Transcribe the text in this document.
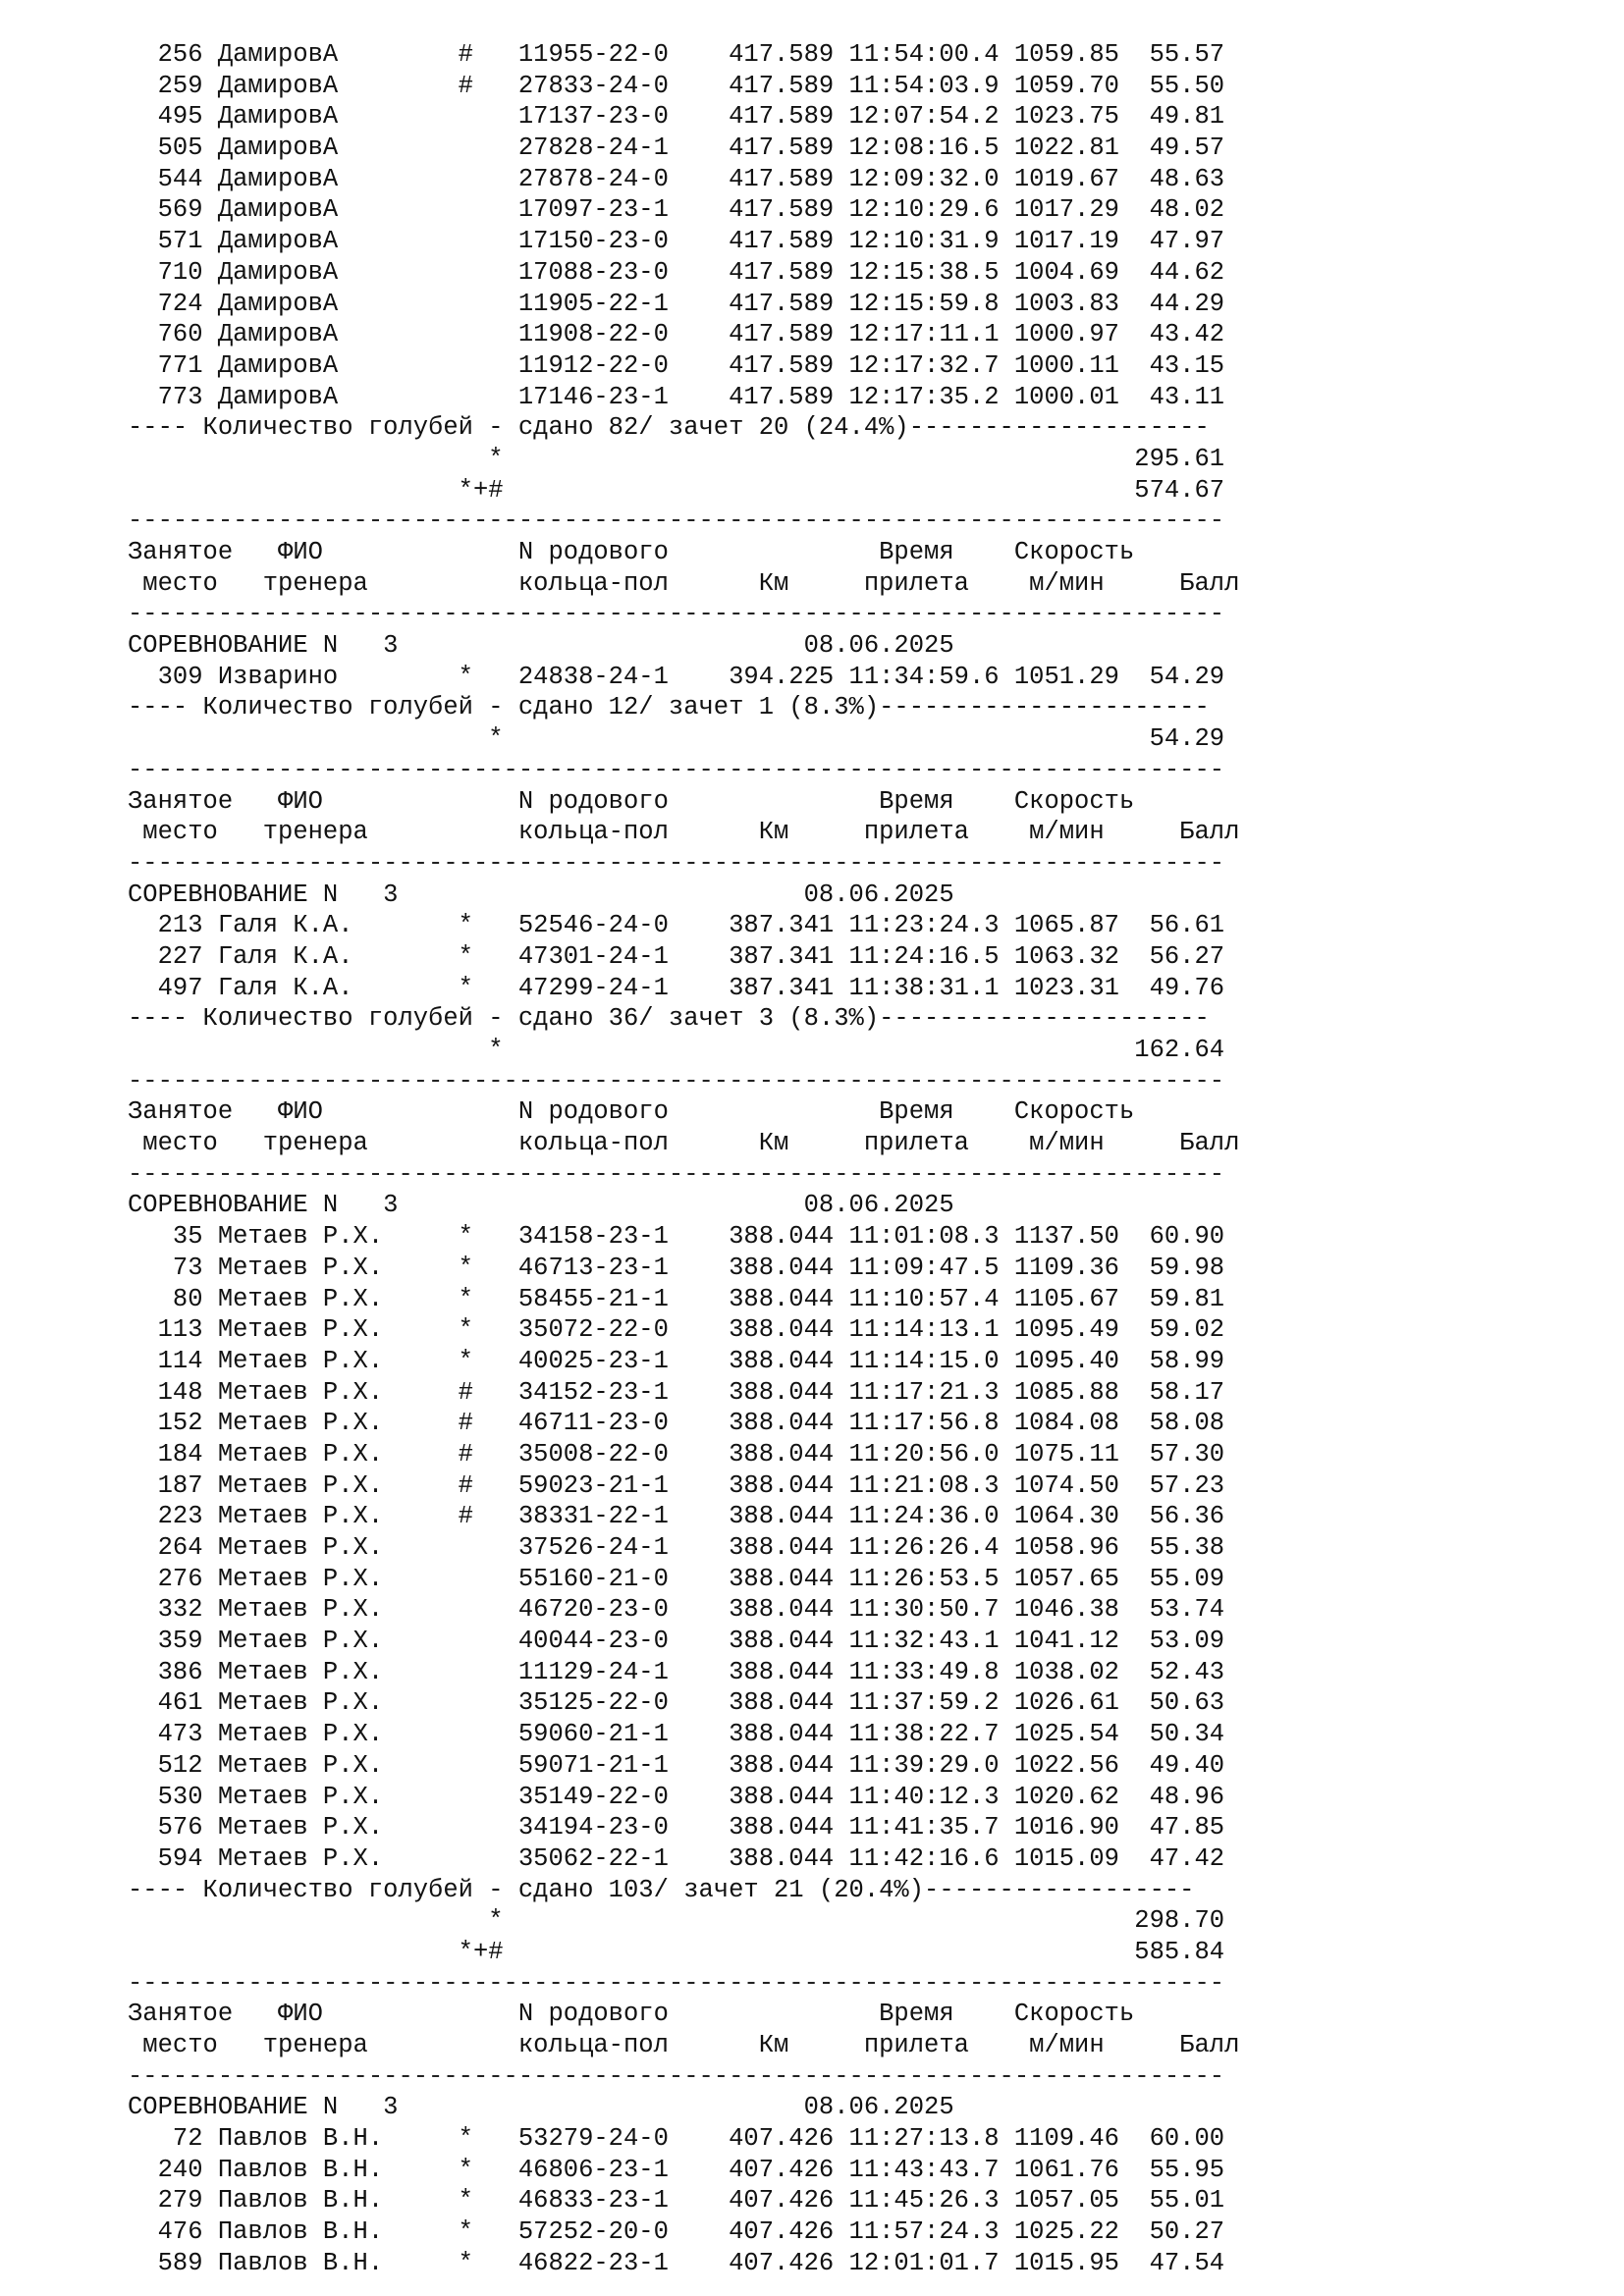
256 ДамировА        #   11955-22-0    417.589 11:54:00.4 1059.85  55.57
259 ДамировА        #   27833-24-0    417.589 11:54:03.9 1059.70  55.50
495 ДамировА            17137-23-0    417.589 12:07:54.2 1023.75  49.81
505 ДамировА            27828-24-1    417.589 12:08:16.5 1022.81  49.57
544 ДамировА            27878-24-0    417.589 12:09:32.0 1019.67  48.63
569 ДамировА            17097-23-1    417.589 12:10:29.6 1017.29  48.02
571 ДамировА            17150-23-0    417.589 12:10:31.9 1017.19  47.97
710 ДамировА            17088-23-0    417.589 12:15:38.5 1004.69  44.62
724 ДамировА            11905-22-1    417.589 12:15:59.8 1003.83  44.29
760 ДамировА            11908-22-0    417.589 12:17:11.1 1000.97  43.42
771 ДамировА            11912-22-0    417.589 12:17:32.7 1000.11  43.15
773 ДамировА            17146-23-1    417.589 12:17:35.2 1000.01  43.11
---- Количество голубей - сдано 82/ зачет 20 (24.4%)--------------------
*                                          295.61
*+#                                          574.67
-------------------------------------------------------------------------
Занятое   ФИО             N родового              Время    Скорость
место   тренера          кольца-пол      Км     прилета    м/мин     Балл
-------------------------------------------------------------------------
СОРЕВНОВАНИЕ N   3                           08.06.2025
309 Изварино        *   24838-24-1    394.225 11:34:59.6 1051.29  54.29
---- Количество голубей - сдано 12/ зачет 1 (8.3%)----------------------
*                                           54.29
-------------------------------------------------------------------------
Занятое   ФИО             N родового              Время    Скорость
место   тренера          кольца-пол      Км     прилета    м/мин     Балл
-------------------------------------------------------------------------
СОРЕВНОВАНИЕ N   3                           08.06.2025
213 Галя К.А.       *   52546-24-0    387.341 11:23:24.3 1065.87  56.61
227 Галя К.А.       *   47301-24-1    387.341 11:24:16.5 1063.32  56.27
497 Галя К.А.       *   47299-24-1    387.341 11:38:31.1 1023.31  49.76
---- Количество голубей - сдано 36/ зачет 3 (8.3%)----------------------
*                                          162.64
-------------------------------------------------------------------------
Занятое   ФИО             N родового              Время    Скорость
место   тренера          кольца-пол      Км     прилета    м/мин     Балл
-------------------------------------------------------------------------
СОРЕВНОВАНИЕ N   3                           08.06.2025
35 Метаев Р.Х.     *   34158-23-1    388.044 11:01:08.3 1137.50  60.90
73 Метаев Р.Х.     *   46713-23-1    388.044 11:09:47.5 1109.36  59.98
80 Метаев Р.Х.     *   58455-21-1    388.044 11:10:57.4 1105.67  59.81
113 Метаев Р.Х.     *   35072-22-0    388.044 11:14:13.1 1095.49  59.02
114 Метаев Р.Х.     *   40025-23-1    388.044 11:14:15.0 1095.40  58.99
148 Метаев Р.Х.     #   34152-23-1    388.044 11:17:21.3 1085.88  58.17
152 Метаев Р.Х.     #   46711-23-0    388.044 11:17:56.8 1084.08  58.08
184 Метаев Р.Х.     #   35008-22-0    388.044 11:20:56.0 1075.11  57.30
187 Метаев Р.Х.     #   59023-21-1    388.044 11:21:08.3 1074.50  57.23
223 Метаев Р.Х.     #   38331-22-1    388.044 11:24:36.0 1064.30  56.36
264 Метаев Р.Х.         37526-24-1    388.044 11:26:26.4 1058.96  55.38
276 Метаев Р.Х.         55160-21-0    388.044 11:26:53.5 1057.65  55.09
332 Метаев Р.Х.         46720-23-0    388.044 11:30:50.7 1046.38  53.74
359 Метаев Р.Х.         40044-23-0    388.044 11:32:43.1 1041.12  53.09
386 Метаев Р.Х.         11129-24-1    388.044 11:33:49.8 1038.02  52.43
461 Метаев Р.Х.         35125-22-0    388.044 11:37:59.2 1026.61  50.63
473 Метаев Р.Х.         59060-21-1    388.044 11:38:22.7 1025.54  50.34
512 Метаев Р.Х.         59071-21-1    388.044 11:39:29.0 1022.56  49.40
530 Метаев Р.Х.         35149-22-0    388.044 11:40:12.3 1020.62  48.96
576 Метаев Р.Х.         34194-23-0    388.044 11:41:35.7 1016.90  47.85
594 Метаев Р.Х.         35062-22-1    388.044 11:42:16.6 1015.09  47.42
---- Количество голубей - сдано 103/ зачет 21 (20.4%)------------------
*                                          298.70
*+#                                          585.84
-------------------------------------------------------------------------
Занятое   ФИО             N родового              Время    Скорость
место   тренера          кольца-пол      Км     прилета    м/мин     Балл
-------------------------------------------------------------------------
СОРЕВНОВАНИЕ N   3                           08.06.2025
72 Павлов В.Н.     *   53279-24-0    407.426 11:27:13.8 1109.46  60.00
240 Павлов В.Н.     *   46806-23-1    407.426 11:43:43.7 1061.76  55.95
279 Павлов В.Н.     *   46833-23-1    407.426 11:45:26.3 1057.05  55.01
476 Павлов В.Н.     *   57252-20-0    407.426 11:57:24.3 1025.22  50.27
589 Павлов В.Н.     *   46822-23-1    407.426 12:01:01.7 1015.95  47.54
